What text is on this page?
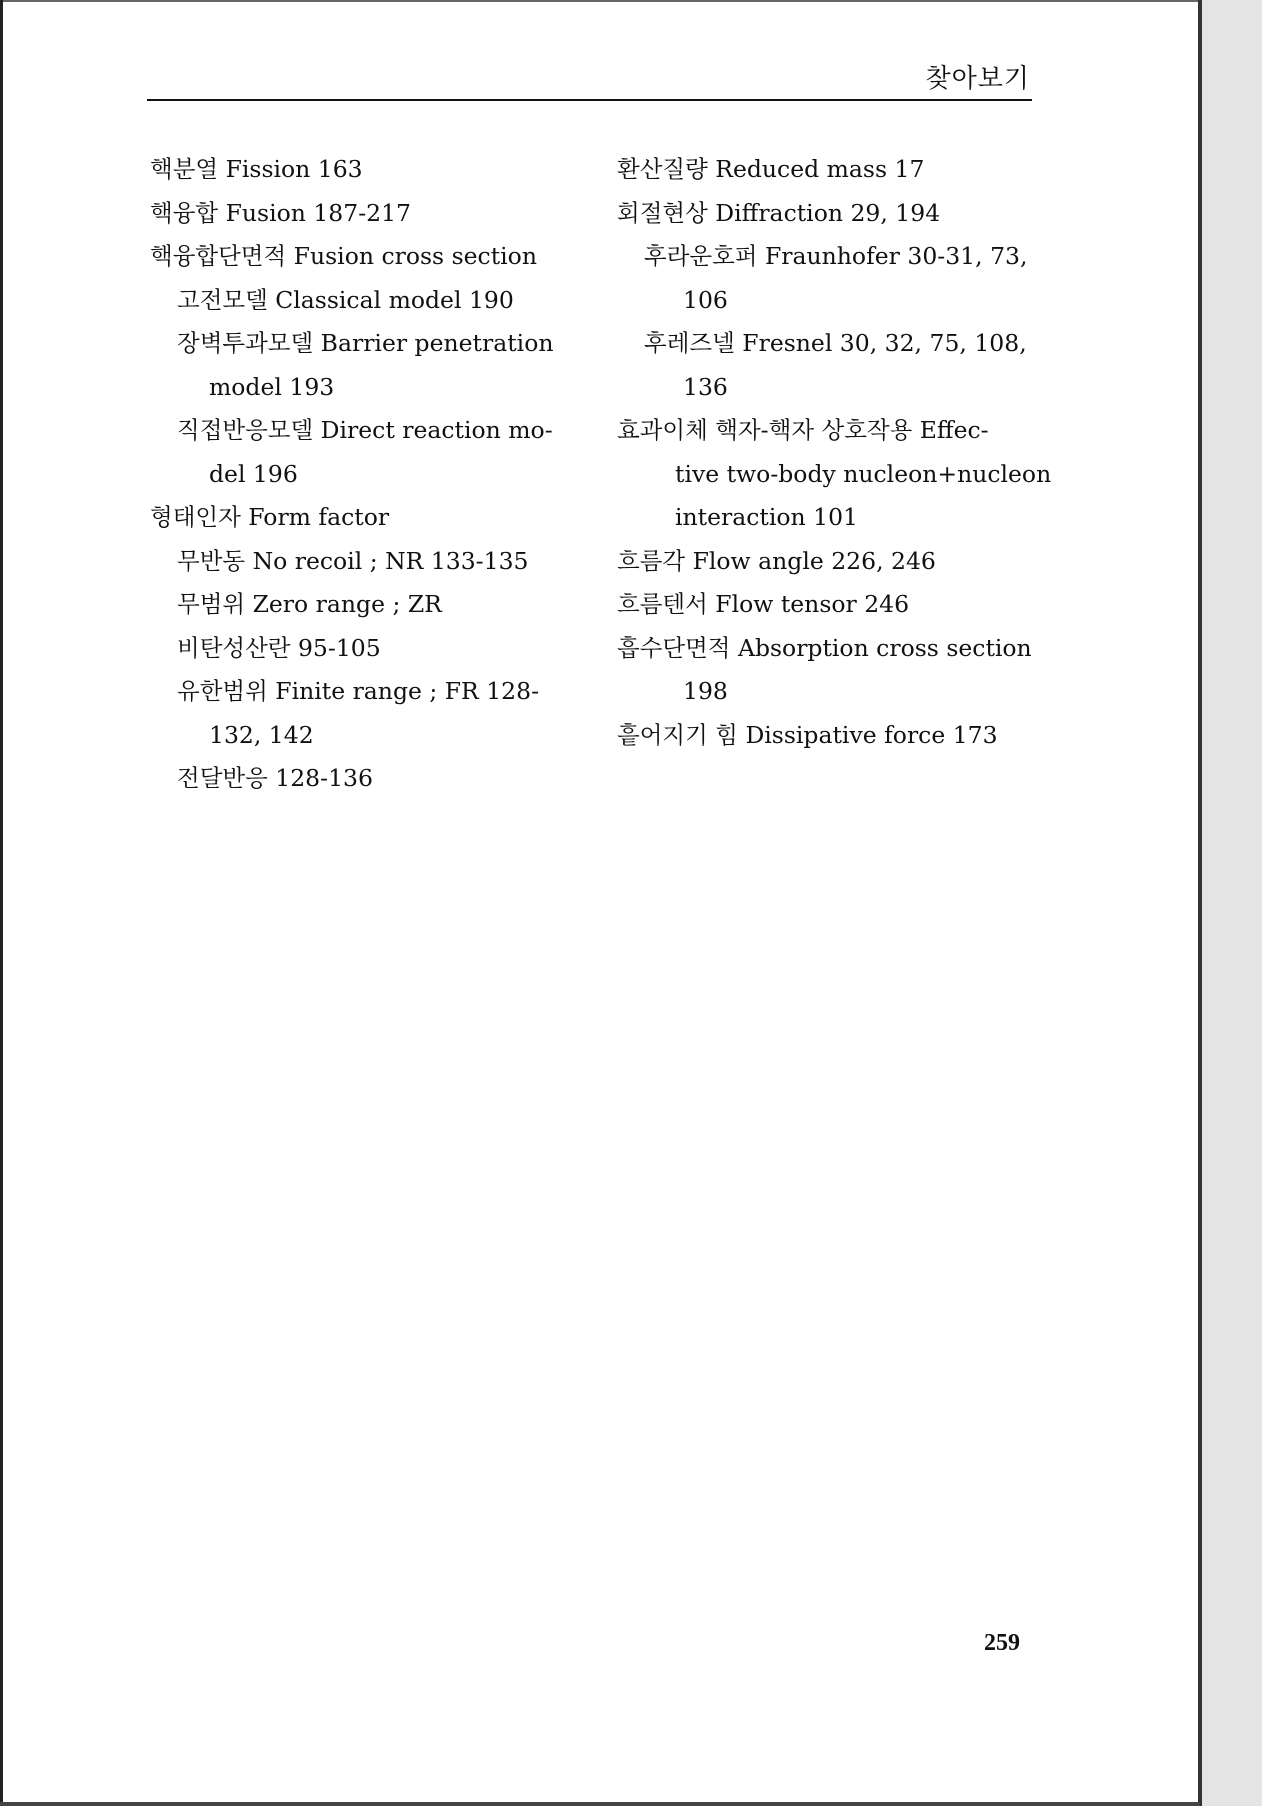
찾아보기
핵분열 Fission 163
핵융합 Fusion 187-217
핵융합단면적 Fusion cross section
고전모델 Classical model 190
장벽투과모델 Barrier penetration
model 193
직접반응모델 Direct reaction mo-
del 196
형태인자 Form factor
무반동 No recoil ; NR 133-135
무범위 Zero range ; ZR
비탄성산란 95-105
유한범위 Finite range ; FR 128-
132, 142
전달반응 128-136
환산질량 Reduced mass 17
회절현상 Diffraction 29, 194
후라운호퍼 Fraunhofer 30-31, 73,
106
후레즈넬 Fresnel 30, 32, 75, 108,
136
효과이체 핵자-핵자 상호작용 Effec-
tive two-body nucleon+nucleon
interaction 101
흐름각 Flow angle 226, 246
흐름텐서 Flow tensor 246
흡수단면적 Absorption cross section
198
흩어지기 힘 Dissipative force 173
259
